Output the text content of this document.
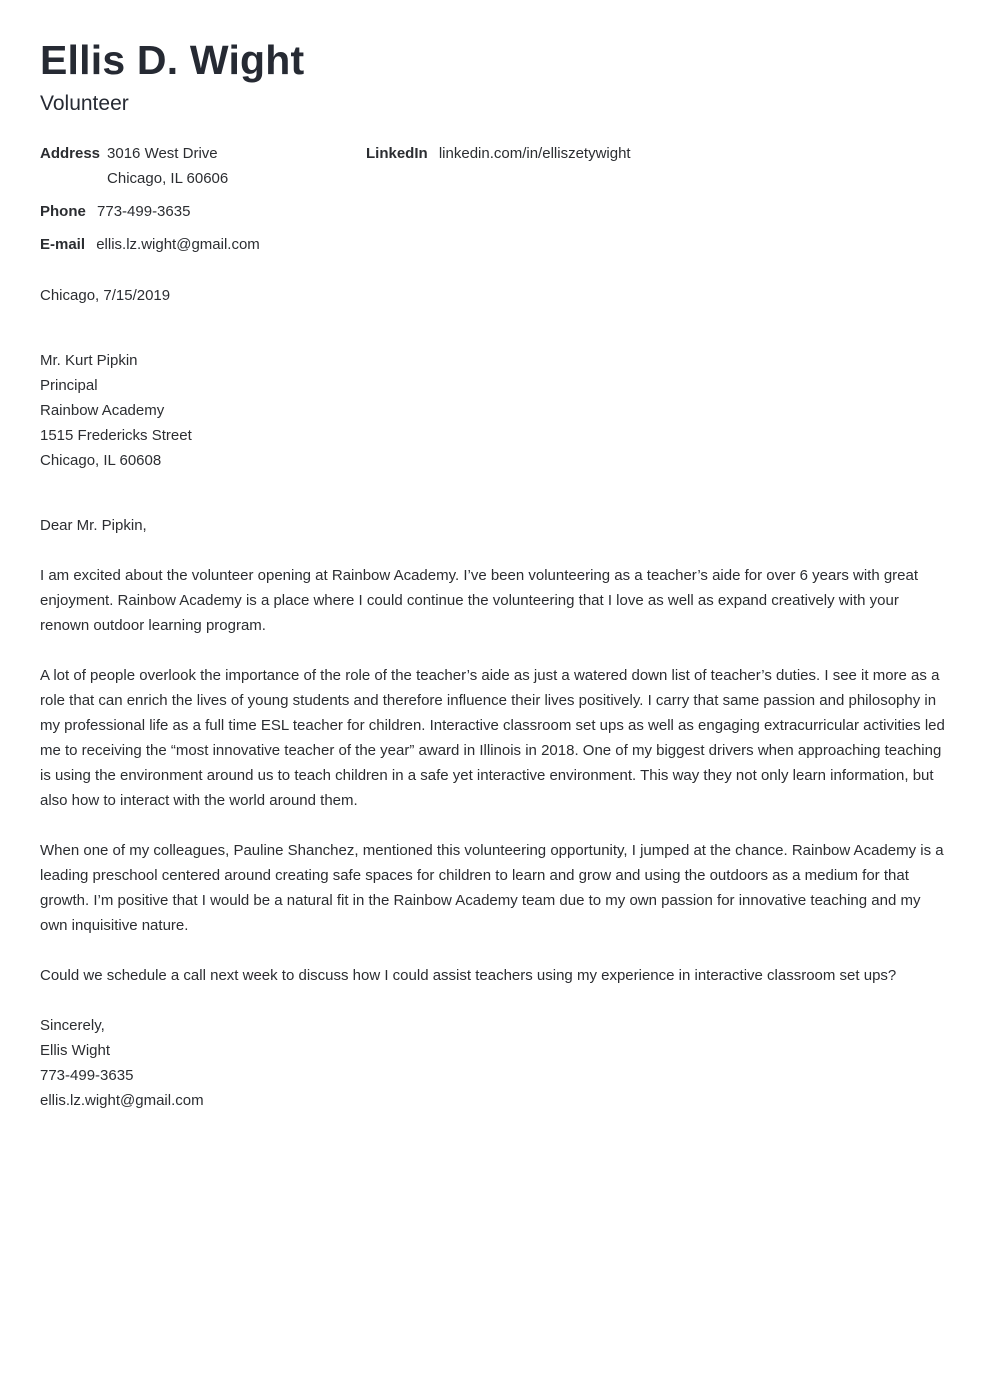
Ellis D. Wight
Volunteer
Address 3016 West Drive
Chicago, IL 60606
LinkedIn linkedin.com/in/elliszetywight
Phone 773-499-3635
E-mail ellis.lz.wight@gmail.com
Chicago, 7/15/2019
Mr. Kurt Pipkin
Principal
Rainbow Academy
1515 Fredericks Street
Chicago, IL 60608
Dear Mr. Pipkin,
I am excited about the volunteer opening at Rainbow Academy. I’ve been volunteering as a teacher’s aide for over 6 years with great enjoyment. Rainbow Academy is a place where I could continue the volunteering that I love as well as expand creatively with your renown outdoor learning program.
A lot of people overlook the importance of the role of the teacher’s aide as just a watered down list of teacher’s duties. I see it more as a role that can enrich the lives of young students and therefore influence their lives positively. I carry that same passion and philosophy in my professional life as a full time ESL teacher for children. Interactive classroom set ups as well as engaging extracurricular activities led me to receiving the “most innovative teacher of the year” award in Illinois in 2018. One of my biggest drivers when approaching teaching is using the environment around us to teach children in a safe yet interactive environment. This way they not only learn information, but also how to interact with the world around them.
When one of my colleagues, Pauline Shanchez, mentioned this volunteering opportunity, I jumped at the chance. Rainbow Academy is a leading preschool centered around creating safe spaces for children to learn and grow and using the outdoors as a medium for that growth. I’m positive that I would be a natural fit in the Rainbow Academy team due to my own passion for innovative teaching and my own inquisitive nature.
Could we schedule a call next week to discuss how I could assist teachers using my experience in interactive classroom set ups?
Sincerely,
Ellis Wight
773-499-3635
ellis.lz.wight@gmail.com
